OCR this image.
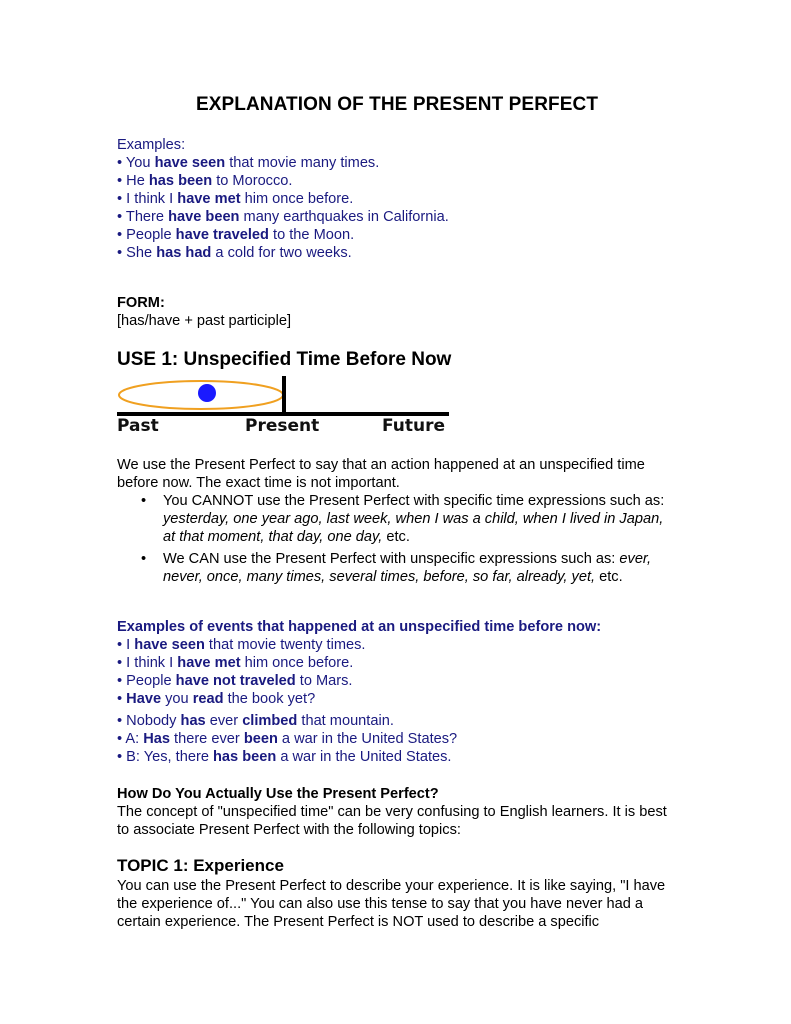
EXPLANATION OF THE PRESENT PERFECT
Examples:
• You have seen that movie many times.
• He has been to Morocco.
• I think I have met him once before.
• There have been many earthquakes in California.
• People have traveled to the Moon.
• She has had a cold for two weeks.
FORM:
[has/have + past participle]
USE 1: Unspecified Time Before Now
Past	Present	Future
We use the Present Perfect to say that an action happened at an unspecified time before now. The exact time is not important.
• You CANNOT use the Present Perfect with specific time expressions such as: yesterday, one year ago, last week, when I was a child, when I lived in Japan, at that moment, that day, one day, etc.
• We CAN use the Present Perfect with unspecific expressions such as: ever, never, once, many times, several times, before, so far, already, yet, etc.
Examples of events that happened at an unspecified time before now:
• I have seen that movie twenty times.
• I think I have met him once before.
• People have not traveled to Mars.
• Have you read the book yet?
• Nobody has ever climbed that mountain.
• A: Has there ever been a war in the United States?
• B: Yes, there has been a war in the United States.
How Do You Actually Use the Present Perfect?
The concept of "unspecified time" can be very confusing to English learners. It is best to associate Present Perfect with the following topics:
TOPIC 1: Experience
You can use the Present Perfect to describe your experience. It is like saying, "I have the experience of..." You can also use this tense to say that you have never had a certain experience. The Present Perfect is NOT used to describe a specific
